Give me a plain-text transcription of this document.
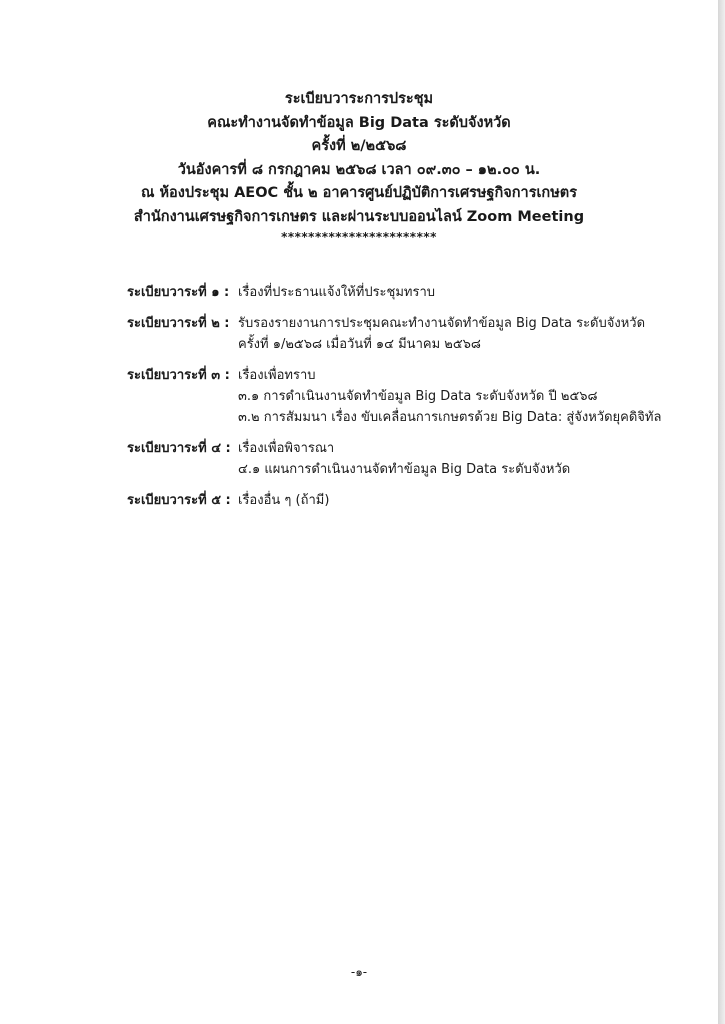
ระเบียบวาระการประชุม
คณะทำงานจัดทำข้อมูล Big Data ระดับจังหวัด
ครั้งที่ ๒/๒๕๖๘
วันอังคารที่ ๘ กรกฎาคม ๒๕๖๘ เวลา ๐๙.๓๐ – ๑๒.๐๐ น.
ณ ห้องประชุม AEOC ชั้น ๒ อาคารศูนย์ปฏิบัติการเศรษฐกิจการเกษตร
สำนักงานเศรษฐกิจการเกษตร และผ่านระบบออนไลน์ Zoom Meeting
***********************
ระเบียบวาระที่ ๑ : เรื่องที่ประธานแจ้งให้ที่ประชุมทราบ
ระเบียบวาระที่ ๒ : รับรองรายงานการประชุมคณะทำงานจัดทำข้อมูล Big Data ระดับจังหวัด
ครั้งที่ ๑/๒๕๖๘ เมื่อวันที่ ๑๔ มีนาคม ๒๕๖๘
ระเบียบวาระที่ ๓ : เรื่องเพื่อทราบ
๓.๑ การดำเนินงานจัดทำข้อมูล Big Data ระดับจังหวัด ปี ๒๕๖๘
๓.๒ การสัมมนา เรื่อง ขับเคลื่อนการเกษตรด้วย Big Data: สู่จังหวัดยุคดิจิทัล
ระเบียบวาระที่ ๔ : เรื่องเพื่อพิจารณา
๔.๑ แผนการดำเนินงานจัดทำข้อมูล Big Data ระดับจังหวัด
ระเบียบวาระที่ ๕ : เรื่องอื่น ๆ (ถ้ามี)
-๑-
